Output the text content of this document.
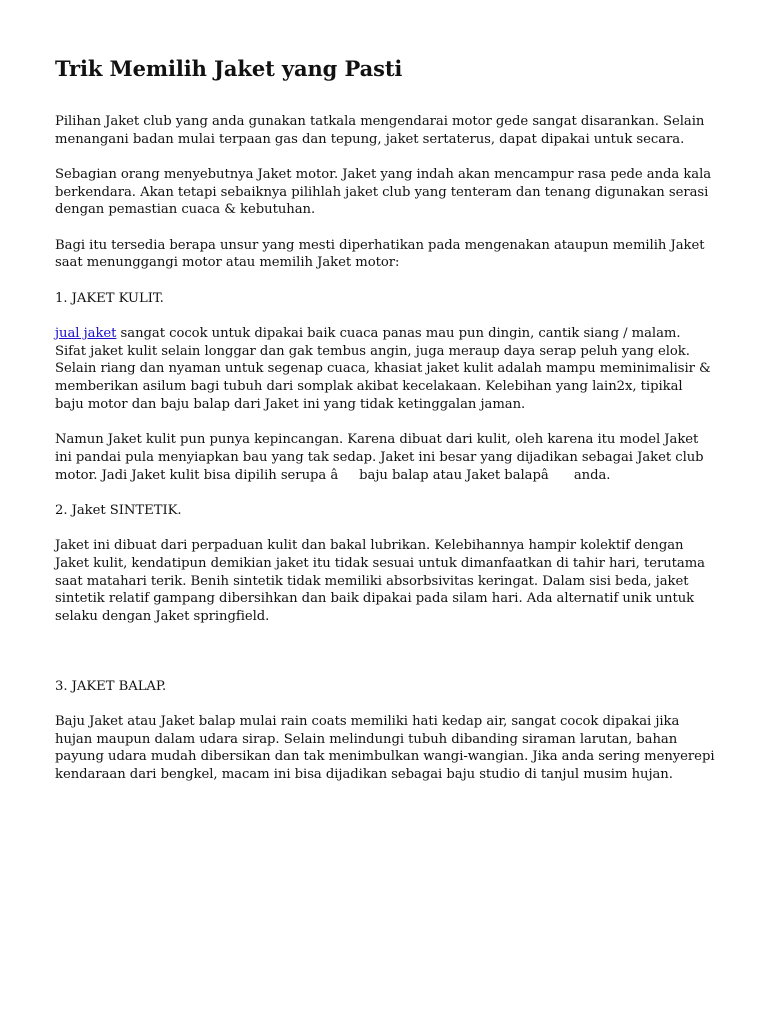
Trik Memilih Jaket yang Pasti

Pilihan Jaket club yang anda gunakan tatkala mengendarai motor gede sangat disarankan. Selain menangani badan mulai terpaan gas dan tepung, jaket sertaterus, dapat dipakai untuk secara.

Sebagian orang menyebutnya Jaket motor. Jaket yang indah akan mencampur rasa pede anda kala berkendara. Akan tetapi sebaiknya pilihlah jaket club yang tenteram dan tenang digunakan serasi dengan pemastian cuaca & kebutuhan.

Bagi itu tersedia berapa unsur yang mesti diperhatikan pada mengenakan ataupun memilih Jaket saat menunggangi motor atau memilih Jaket motor:

1. JAKET KULIT.

jual jaket sangat cocok untuk dipakai baik cuaca panas mau pun dingin, cantik siang / malam. Sifat jaket kulit selain longgar dan gak tembus angin, juga meraup daya serap peluh yang elok. Selain riang dan nyaman untuk segenap cuaca, khasiat jaket kulit adalah mampu meminimalisir & memberikan asilum bagi tubuh dari somplak akibat kecelakaan. Kelebihan yang lain2x, tipikal baju motor dan baju balap dari Jaket ini yang tidak ketinggalan jaman.

Namun Jaket kulit pun punya kepincangan. Karena dibuat dari kulit, oleh karena itu model Jaket ini pandai pula menyiapkan bau yang tak sedap. Jaket ini besar yang dijadikan sebagai Jaket club motor. Jadi Jaket kulit bisa dipilih serupa âbaju balap atau Jaket balapâ anda.

2. Jaket SINTETIK.

Jaket ini dibuat dari perpaduan kulit dan bakal lubrikan. Kelebihannya hampir kolektif dengan Jaket kulit, kendatipun demikian jaket itu tidak sesuai untuk dimanfaatkan di tahir hari, terutama saat matahari terik. Benih sintetik tidak memiliki absorbsivitas keringat. Dalam sisi beda, jaket sintetik relatif gampang dibersihkan dan baik dipakai pada silam hari. Ada alternatif unik untuk selaku dengan Jaket springfield.

3. JAKET BALAP.

Baju Jaket atau Jaket balap mulai rain coats memiliki hati kedap air, sangat cocok dipakai jika hujan maupun dalam udara sirap. Selain melindungi tubuh dibanding siraman larutan, bahan payung udara mudah dibersikan dan tak menimbulkan wangi-wangian. Jika anda sering menyerepi kendaraan dari bengkel, macam ini bisa dijadikan sebagai baju studio di tanjul musim hujan.
